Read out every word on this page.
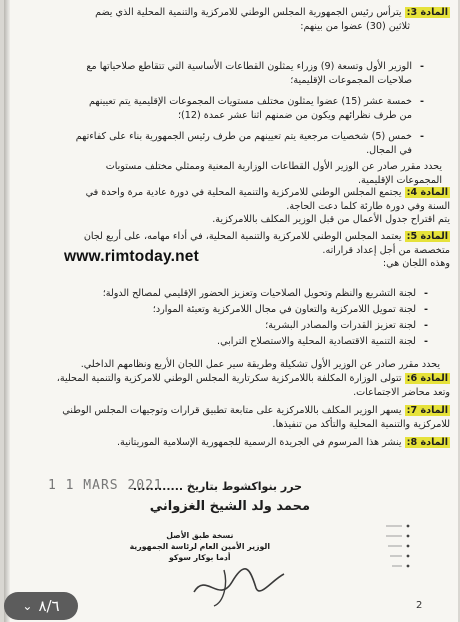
المادة 3: يترأس رئيس الجمهورية المجلس الوطني للامركزية والتنمية المحلية الذي يضم
ثلاثين (30) عضوا من بينهم:
- الوزير الأول وتسعة (9) وزراء يمثلون القطاعات الأساسية التي تتقاطع صلاحياتها مع
صلاحيات المجموعات الإقليمية؛
- خمسة عشر (15) عضوا يمثلون مختلف مستويات المجموعات الإقليمية يتم تعيينهم
من طرف نظرائهم ويكون من ضمنهم اثنا عشر عمدة (12)؛
- خمس (5) شخصيات مرجعية يتم تعيينهم من طرف رئيس الجمهورية بناء على كفاءتهم
في المجال.
يحدد مقرر صادر عن الوزير الأول القطاعات الوزارية المعنية وممثلي مختلف مستويات
المجموعات الإقليمية.
المادة 4: يجتمع المجلس الوطني للامركزية والتنمية المحلية في دورة عادية مرة واحدة في
السنة وفي دورة طارئة كلما دعت الحاجة.
يتم اقتراح جدول الأعمال من قبل الوزير المكلف باللامركزية.
المادة 5: يعتمد المجلس الوطني للامركزية والتنمية المحلية، في أداء مهامه، على أربع لجان
متخصصة من أجل إعداد قراراته.
وهذه اللجان هي:
www.rimtoday.net
- لجنة التشريع والنظم وتحويل الصلاحيات وتعزيز الحضور الإقليمي لمصالح الدولة؛
- لجنة تمويل اللامركزية والتعاون في مجال اللامركزية وتعبئة الموارد؛
- لجنة تعزيز القدرات والمصادر البشرية؛
- لجنة التنمية الاقتصادية المحلية والاستصلاح الترابي.
يحدد مقرر صادر عن الوزير الأول تشكيلة وطريقة سير عمل اللجان الأربع ونظامهم الداخلي.
المادة 6: تتولى الوزارة المكلفة باللامركزية سكرتارية المجلس الوطني للامركزية والتنمية المحلية،
وتعد محاضر الاجتماعات.
المادة 7: يسهر الوزير المكلف باللامركزية على متابعة تطبيق قرارات وتوجيهات المجلس الوطني
للامركزية والتنمية المحلية والتأكد من تنفيذها.
المادة 8: ينشر هذا المرسوم في الجريدة الرسمية للجمهورية الإسلامية الموريتانية.
1 1 MARS 2021
حرر بنواكشوط بتاريخ ............
محمد ولد الشيخ الغزواني
نسخة طبق الأصل
الوزير الأمين العام لرئاسة الجمهورية
أدما بوكار سوكو
2
⌄ ٨/٦
